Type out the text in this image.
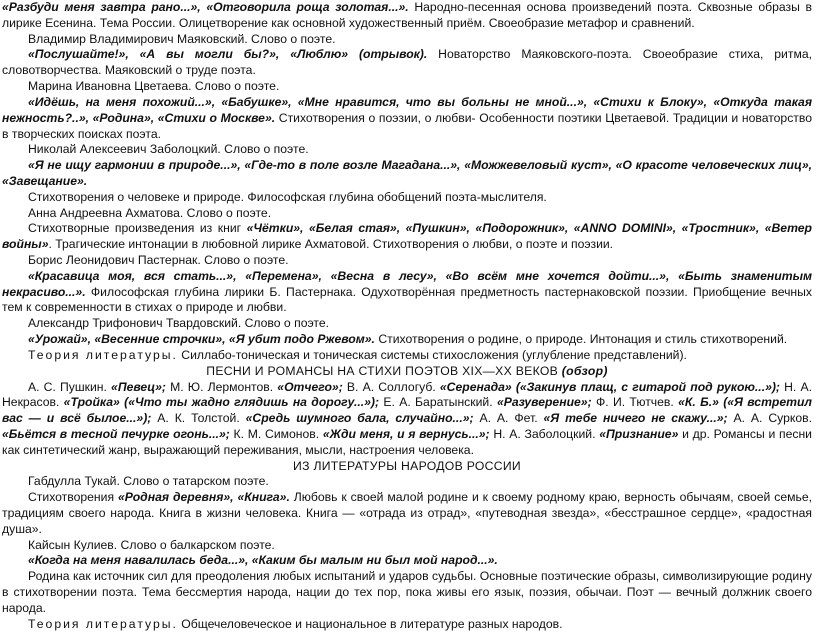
«Разбуди меня завтра рано...», «Отговорила роща золотая...». Народно-песенная основа произведений поэта. Сквозные образы в лирике Есенина. Тема России. Олицетворение как основной художественный приём. Своеобразие метафор и сравнений.

Владимир Владимирович Маяковский. Слово о поэте.

«Послушайте!», «А вы могли бы?», «Люблю» (отрывок). Новаторство Маяковского-поэта. Своеобразие стиха, ритма, словотворчества. Маяковский о труде поэта.

Марина Ивановна Цветаева. Слово о поэте.

«Идёшь, на меня похожий...», «Бабушке», «Мне нравится, что вы больны не мной...», «Стихи к Блоку», «Откуда такая нежность?..», «Родина», «Стихи о Москве». Стихотворения о поэзии, о любви- Особенности поэтики Цветаевой. Традиции и новаторство в творческих поисках поэта.

Николай Алексеевич Заболоцкий. Слово о поэте.

«Я не ищу гармонии в природе...», «Где-то в поле возле Магадана...», «Можжевеловый куст», «О красоте человеческих лиц», «Завещание».

Стихотворения о человеке и природе. Философская глубина обобщений поэта-мыслителя.

Анна Андреевна Ахматова. Слово о поэте.

Стихотворные произведения из книг «Чётки», «Белая стая», «Пушкин», «Подорожник», «ANNO DOMINI», «Тростник», «Ветер войны». Трагические интонации в любовной лирике Ахматовой. Стихотворения о любви, о поэте и поэзии.

Борис Леонидович Пастернак. Слово о поэте.

«Красавица моя, вся стать...», «Перемена», «Весна в лесу», «Во всём мне хочется дойти...», «Быть знаменитым некрасиво...». Философская глубина лирики Б. Пастернака. Одухотворённая предметность пастернаковской поэзии. Приобщение вечных тем к современности в стихах о природе и любви.

Александр Трифонович Твардовский. Слово о поэте.

«Урожай», «Весенние строчки», «Я убит подо Ржевом». Стихотворения о родине, о природе. Интонация и стиль стихотворений.

Теория литературы. Силлабо-тоническая и тоническая системы стихосложения (углубление представлений).

ПЕСНИ И РОМАНСЫ НА СТИХИ ПОЭТОВ XIX—XX ВЕКОВ (обзор)

А. С. Пушкин. «Певец»; М. Ю. Лермонтов. «Отчего»; В. А. Соллогуб. «Серенада» («Закинув плащ, с гитарой под рукою...»); Н. А. Некрасов. «Тройка» («Что ты жадно глядишь на дорогу...»); Е. А. Баратынский. «Разуверение»; Ф. И. Тютчев. «К. Б.» («Я встретил вас — и всё былое...»); А. К. Толстой. «Средь шумного бала, случайно...»; А. А. Фет. «Я тебе ничего не скажу...»; А. А. Сурков. «Бьётся в тесной печурке огонь...»; К. М. Симонов. «Жди меня, и я вернусь...»; Н. А. Заболоцкий. «Признание» и др. Романсы и песни как синтетический жанр, выражающий переживания, мысли, настроения человека.

ИЗ ЛИТЕРАТУРЫ НАРОДОВ РОССИИ

Габдулла Тукай. Слово о татарском поэте.

Стихотворения «Родная деревня», «Книга». Любовь к своей малой родине и к своему родному краю, верность обычаям, своей семье, традициям своего народа. Книга в жизни человека. Книга — «отрада из отрад», «путеводная звезда», «бесстрашное сердце», «радостная душа».

Кайсын Кулиев. Слово о балкарском поэте.

«Когда на меня навалилась беда...», «Каким бы малым ни был мой народ...».

Родина как источник сил для преодоления любых испытаний и ударов судьбы. Основные поэтические образы, символизирующие родину в стихотворении поэта. Тема бессмертия народа, нации до тех пор, пока живы его язык, поэзия, обычаи. Поэт — вечный должник своего народа.

Теория литературы. Общечеловеческое и национальное в литературе разных народов.
